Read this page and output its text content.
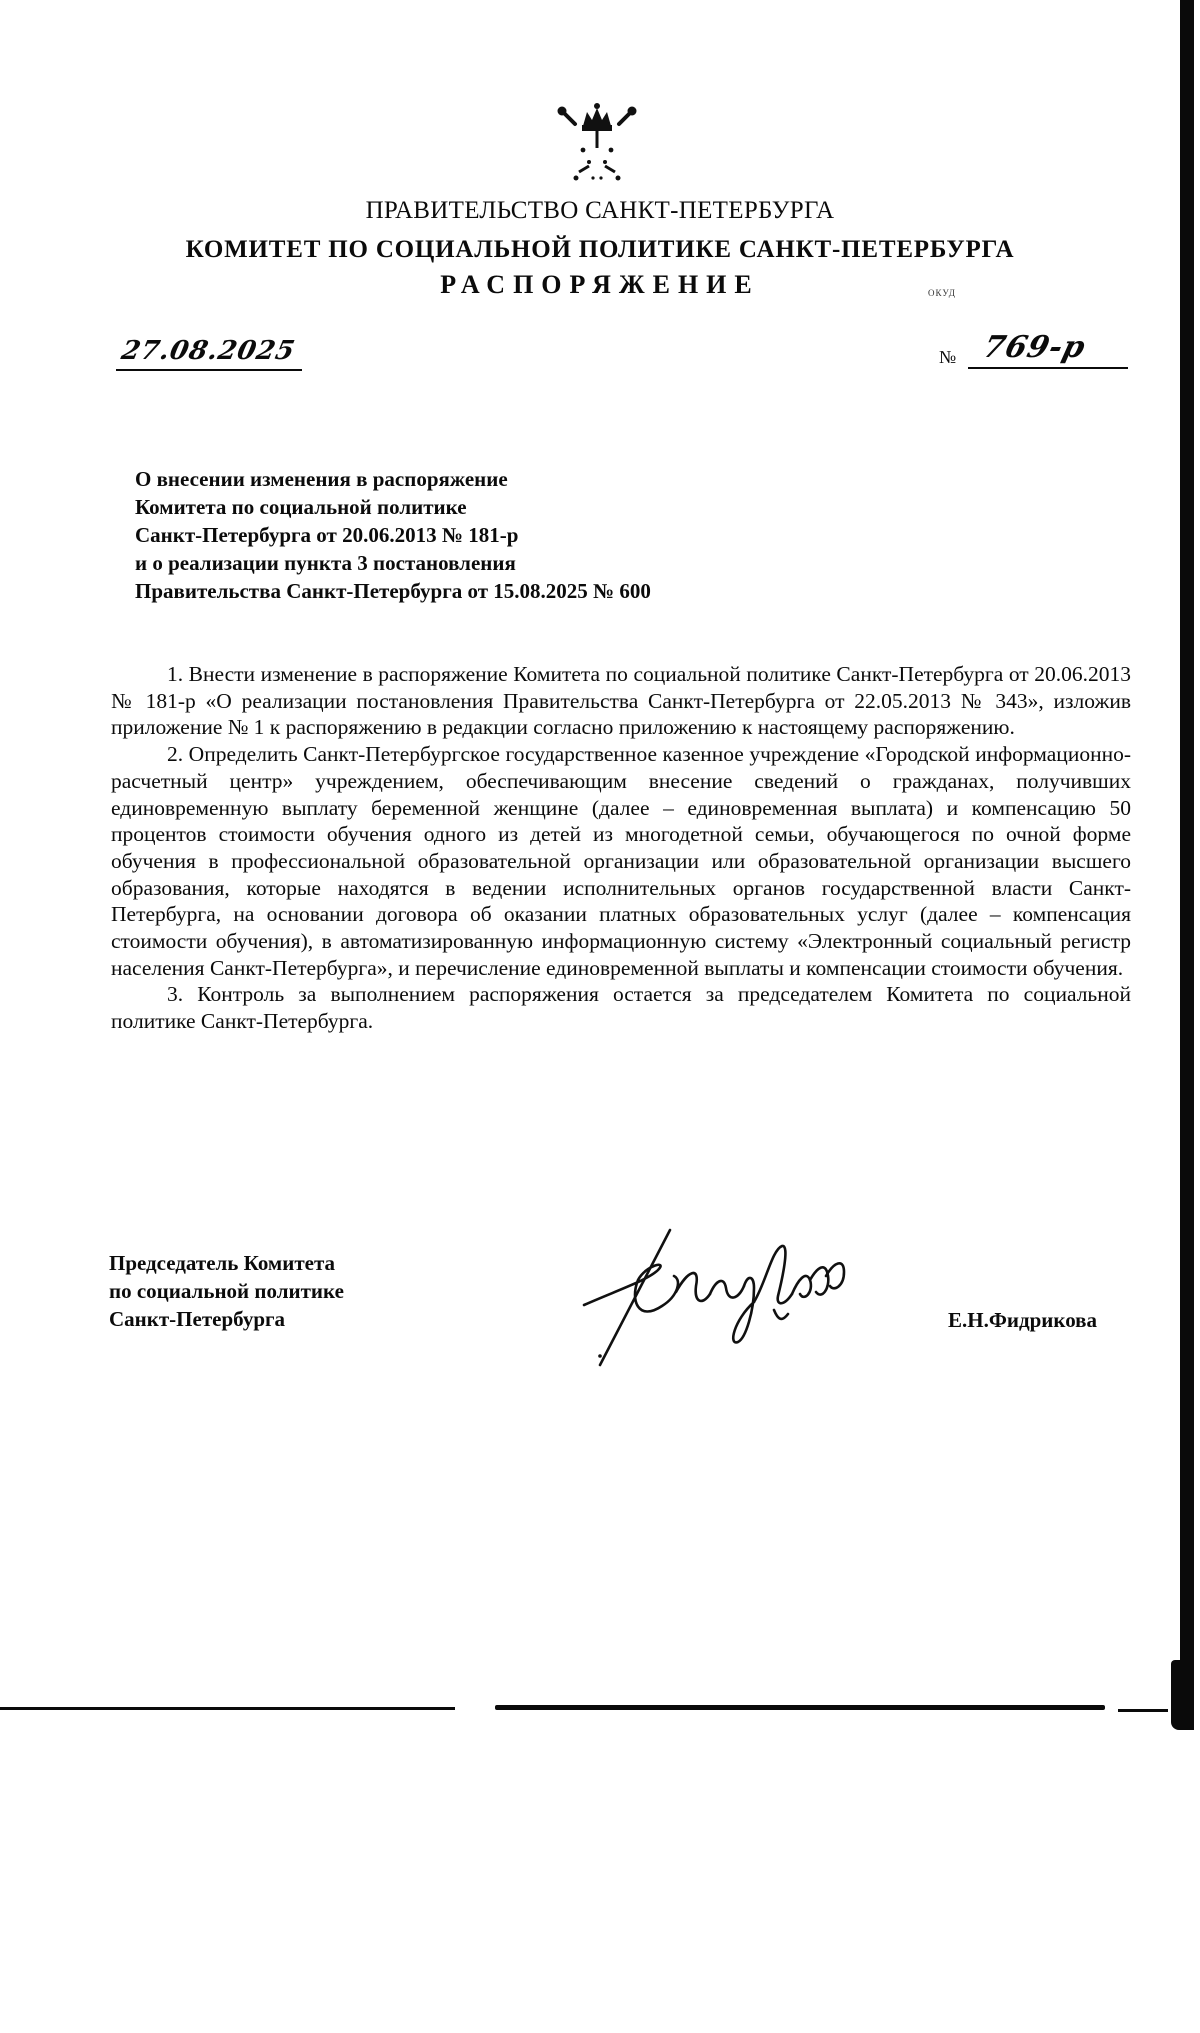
ПРАВИТЕЛЬСТВО САНКТ-ПЕТЕРБУРГА
КОМИТЕТ ПО СОЦИАЛЬНОЙ ПОЛИТИКЕ САНКТ-ПЕТЕРБУРГА
РАСПОРЯЖЕНИЕ	ОКУД
27.08.2025	№ 769-р
О внесении изменения в распоряжение
Комитета по социальной политике
Санкт-Петербурга от 20.06.2013 № 181-р
и о реализации пункта 3 постановления
Правительства Санкт-Петербурга от 15.08.2025 № 600

1. Внести изменение в распоряжение Комитета по социальной политике Санкт-Петербурга от 20.06.2013 № 181-р «О реализации постановления Правительства Санкт-Петербурга от 22.05.2013 № 343», изложив приложение № 1 к распоряжению в редакции согласно приложению к настоящему распоряжению.

2. Определить Санкт-Петербургское государственное казенное учреждение «Городской информационно-расчетный центр» учреждением, обеспечивающим внесение сведений о гражданах, получивших единовременную выплату беременной женщине (далее – единовременная выплата) и компенсацию 50 процентов стоимости обучения одного из детей из многодетной семьи, обучающегося по очной форме обучения в профессиональной образовательной организации или образовательной организации высшего образования, которые находятся в ведении исполнительных органов государственной власти Санкт-Петербурга, на основании договора об оказании платных образовательных услуг (далее – компенсация стоимости обучения), в автоматизированную информационную систему «Электронный социальный регистр населения Санкт-Петербурга», и перечисление единовременной выплаты и компенсации стоимости обучения.

3. Контроль за выполнением распоряжения остается за председателем Комитета по социальной политике Санкт-Петербурга.

Председатель Комитета
по социальной политике
Санкт-Петербурга	Е.Н.Фидрикова
